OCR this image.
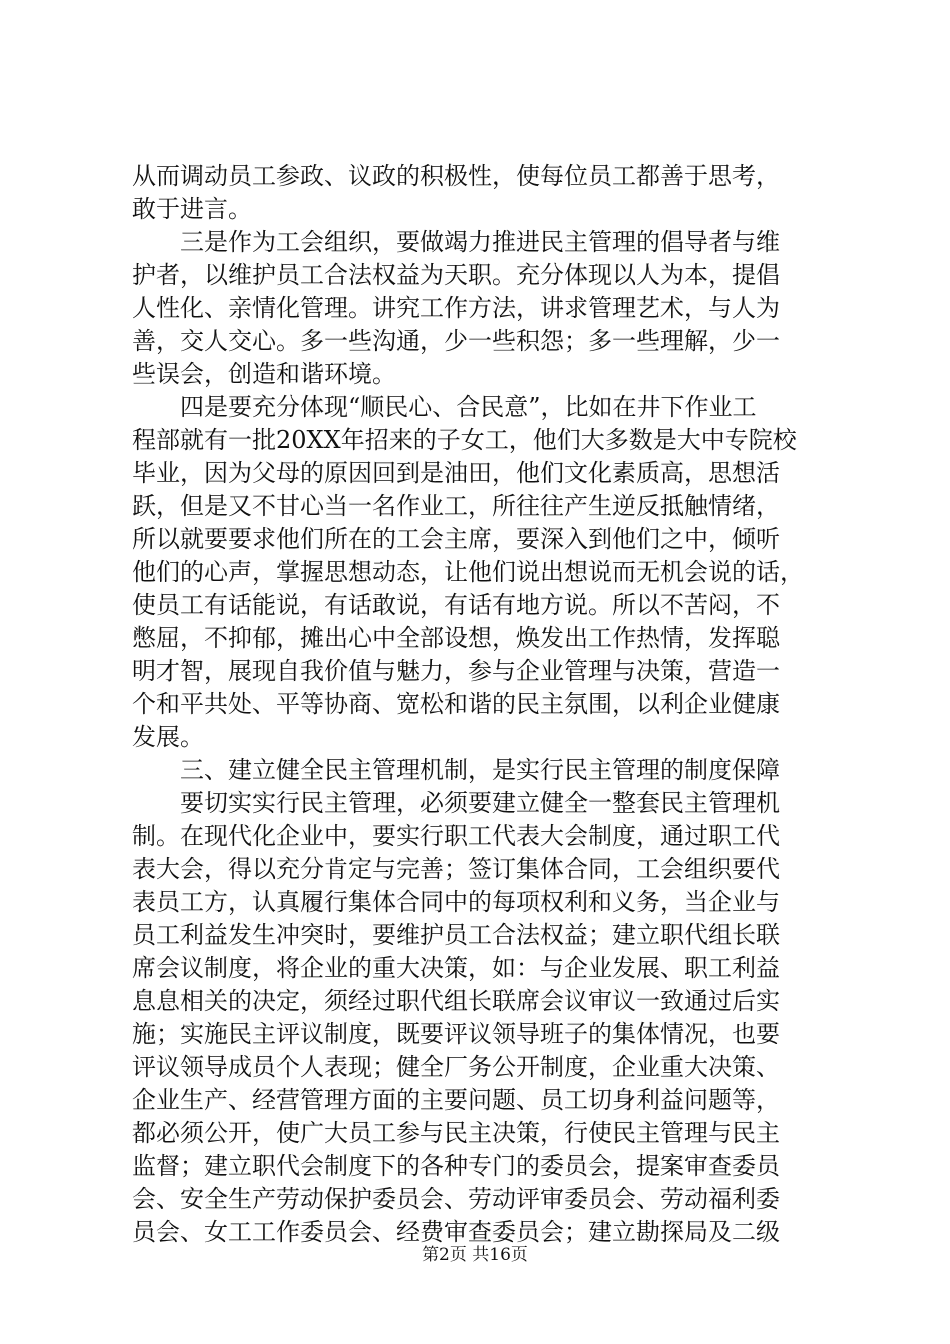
从而调动员工参政、议政的积极性，使每位员工都善于思考，
敢于进言。
　　三是作为工会组织，要做竭力推进民主管理的倡导者与维
护者，以维护员工合法权益为天职。充分体现以人为本，提倡
人性化、亲情化管理。讲究工作方法，讲求管理艺术，与人为
善，交人交心。多一些沟通，少一些积怨；多一些理解，少一
些误会，创造和谐环境。
　　四是要充分体现“顺民心、合民意”，比如在井下作业工
程部就有一批20XX年招来的子女工，他们大多数是大中专院校
毕业，因为父母的原因回到是油田，他们文化素质高，思想活
跃，但是又不甘心当一名作业工，所往往产生逆反抵触情绪，
所以就要要求他们所在的工会主席，要深入到他们之中，倾听
他们的心声，掌握思想动态，让他们说出想说而无机会说的话，
使员工有话能说，有话敢说，有话有地方说。所以不苦闷，不
憋屈，不抑郁，摊出心中全部设想，焕发出工作热情，发挥聪
明才智，展现自我价值与魅力，参与企业管理与决策，营造一
个和平共处、平等协商、宽松和谐的民主氛围，以利企业健康
发展。
　　三、建立健全民主管理机制，是实行民主管理的制度保障
　　要切实实行民主管理，必须要建立健全一整套民主管理机
制。在现代化企业中，要实行职工代表大会制度，通过职工代
表大会，得以充分肯定与完善；签订集体合同，工会组织要代
表员工方，认真履行集体合同中的每项权利和义务，当企业与
员工利益发生冲突时，要维护员工合法权益；建立职代组长联
席会议制度，将企业的重大决策，如：与企业发展、职工利益
息息相关的决定，须经过职代组长联席会议审议一致通过后实
施；实施民主评议制度，既要评议领导班子的集体情况，也要
评议领导成员个人表现；健全厂务公开制度，企业重大决策、
企业生产、经营管理方面的主要问题、员工切身利益问题等，
都必须公开，使广大员工参与民主决策，行使民主管理与民主
监督；建立职代会制度下的各种专门的委员会，提案审查委员
会、安全生产劳动保护委员会、劳动评审委员会、劳动福利委
员会、女工工作委员会、经费审查委员会；建立勘探局及二级
第2页 共16页
